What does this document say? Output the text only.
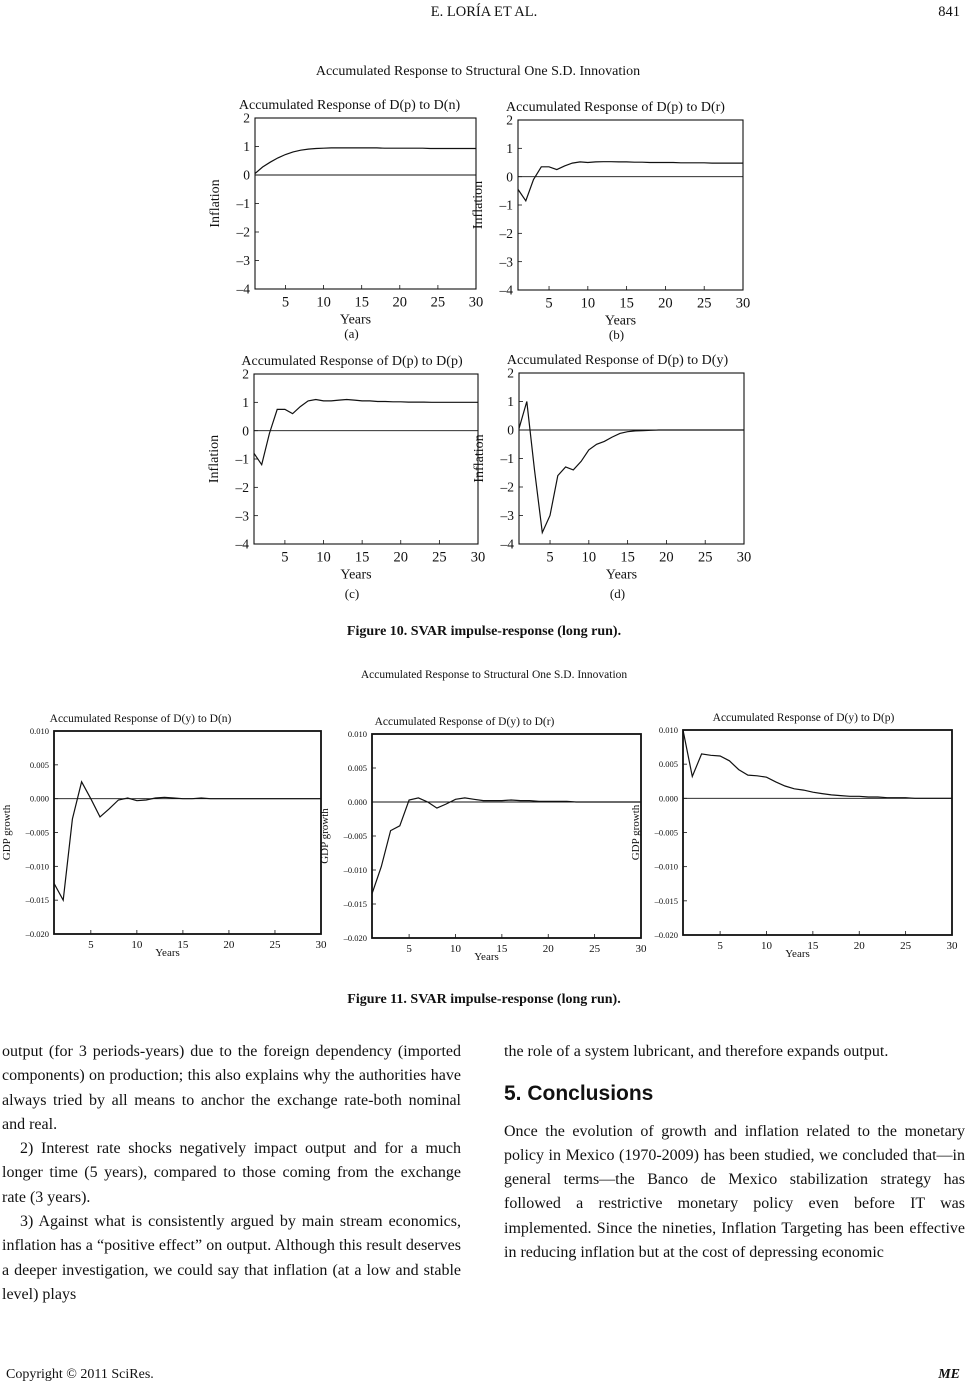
E. LORÍA ET AL.	841
Accumulated Response to Structural One S.D. Innovation
Accumulated Response of D(p) to D(n)
2
1
0
–1
–2
–3
–4
5 10 15 20 25 30
Years
Inflation
(a)
Accumulated Response of D(p) to D(r)
2
1
0
–1
–2
–3
–4
5 10 15 20 25 30
Years
Inflation
(b)
Accumulated Response of D(p) to D(p)
2
1
0
–1
–2
–3
–4
5 10 15 20 25 30
Years
Inflation
(c)
Accumulated Response of D(p) to D(y)
2
1
0
–1
–2
–3
–4
5 10 15 20 25 30
Years
Inflation
(d)
Figure 10. SVAR impulse-response (long run).
Accumulated Response to Structural One S.D. Innovation
Accumulated Response of D(y) to D(n)
0.010
0.005
0.000
–0.005
–0.010
–0.015
–0.020
5	10	15	20	25	30
Years
GDP growth
Accumulated Response of D(y) to D(r)
0.010
0.005
0.000
–0.005
–0.010
–0.015
–0.020
5	10	15	20	25	30
Years
GDP growth
Accumulated Response of D(y) to D(p)
0.010
0.005
0.000
–0.005
–0.010
–0.015
–0.020
5	10	15	20	25	30
Years
GDP growth
Figure 11. SVAR impulse-response (long run).

output (for 3 periods-years) due to the foreign dependency (imported components) on production; this also explains why the authorities have always tried by all means to anchor the exchange rate-both nominal and real.

2) Interest rate shocks negatively impact output and for a much longer time (5 years), compared to those coming from the exchange rate (3 years).

3) Against what is consistently argued by main stream economics, inflation has a “positive effect” on output. Although this result deserves a deeper investigation, we could say that inflation (at a low and stable level) plays

the role of a system lubricant, and therefore expands output.

5. Conclusions

Once the evolution of growth and inflation related to the monetary policy in Mexico (1970-2009) has been studied, we concluded that—in general terms—the Banco de Mexico stabilization strategy has followed a restrictive monetary policy even before IT was implemented. Since the nineties, Inflation Targeting has been effective in reducing inflation but at the cost of depressing economic

Copyright © 2011 SciRes.	ME
